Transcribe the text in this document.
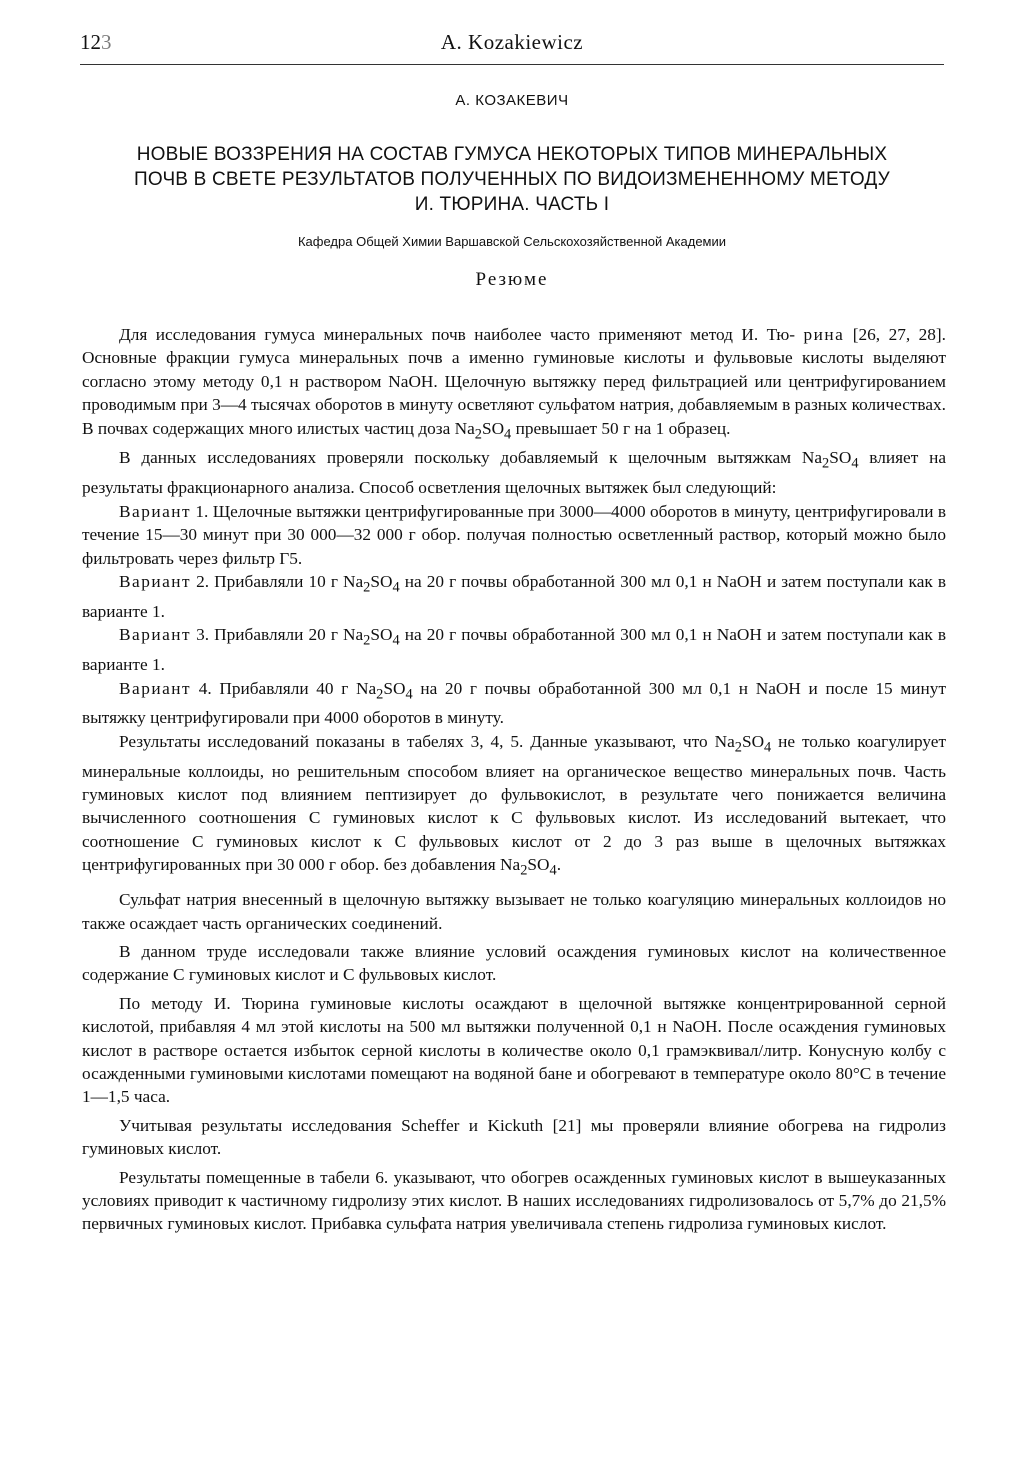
123	A. Kozakiewicz
А. КОЗАКЕВИЧ
НОВЫЕ ВОЗЗРЕНИЯ НА СОСТАВ ГУМУСА НЕКОТОРЫХ ТИПОВ МИНЕРАЛЬНЫХ
ПОЧВ В СВЕТЕ РЕЗУЛЬТАТОВ ПОЛУЧЕННЫХ ПО ВИДОИЗМЕНЕННОМУ МЕТОДУ
И. ТЮРИНА. ЧАСТЬ I
Кафедра Общей Химии Варшавской Сельскохозяйственной Академии
Резюме

Для исследования гумуса минеральных почв наиболее часто применяют метод И. Тю- рина [26, 27, 28]. Основные фракции гумуса минеральных почв а именно гуминовые кислоты и фульвовые кислоты выделяют согласно этому методу 0,1 н раствором NaOH. Щелочную вытяжку перед фильтрацией или центрифугированием проводимым при 3—4 тысячах оборотов в минуту осветляют сульфатом натрия, добавляемым в разных количествах. В почвах содержащих много илистых частиц доза $Na_2SO_4$ превышает 50 г на 1 образец.

В данных исследованиях проверяли поскольку добавляемый к щелочным вытяжкам $Na_2SO_4$ влияет на результаты фракционарного анализа. Способ осветления щелочных вытяжек был следующий:

Вариант 1. Щелочные вытяжки центрифугированные при 3000—4000 оборотов в минуту, центрифугировали в течение 15—30 минут при 30 000—32 000 г обор. получая полностью осветленный раствор, который можно было фильтровать через фильтр Г5.

Вариант 2. Прибавляли 10 г $Na_2SO_4$ на 20 г почвы обработанной 300 мл 0,1 н NaOH и затем поступали как в варианте 1.

Вариант 3. Прибавляли 20 г $Na_2SO_4$ на 20 г почвы обработанной 300 мл 0,1 н NaOH и затем поступали как в варианте 1.

Вариант 4. Прибавляли 40 г $Na_2SO_4$ на 20 г почвы обработанной 300 мл 0,1 н NaOH и после 15 минут вытяжку центрифугировали при 4000 оборотов в минуту.

Результаты исследований показаны в табелях 3, 4, 5. Данные указывают, что $Na_2SO_4$ не только коагулирует минеральные коллоиды, но решительным способом влияет на органическое вещество минеральных почв. Часть гуминовых кислот под влиянием пептизирует до фульвокислот, в результате чего понижается величина вычисленного соотношения С гуминовых кислот к С фульвовых кислот. Из исследований вытекает, что соотношение С гуминовых кислот к С фульвовых кислот от 2 до 3 раз выше в щелочных вытяжках центрифугированных при 30 000 г обор. без добавления $Na_2SO_4$.

Сульфат натрия внесенный в щелочную вытяжку вызывает не только коагуляцию минеральных коллоидов но также осаждает часть органических соединений.

В данном труде исследовали также влияние условий осаждения гуминовых кислот на количественное содержание С гуминовых кислот и С фульвовых кислот.

По методу И. Тюрина гуминовые кислоты осаждают в щелочной вытяжке концентрированной серной кислотой, прибавляя 4 мл этой кислоты на 500 мл вытяжки полученной 0,1 н NaOH. После осаждения гуминовых кислот в растворе остается избыток серной кислоты в количестве около 0,1 грамэквивал/литр. Конусную колбу с осажденными гуминовыми кислотами помещают на водяной бане и обогревают в температуре около 80°С в течение 1—1,5 часа.

Учитывая результаты исследования Scheffer и Kickuth [21] мы проверяли влияние обогрева на гидролиз гуминовых кислот.

Результаты помещенные в табели 6. указывают, что обогрев осажденных гуминовых кислот в вышеуказанных условиях приводит к частичному гидролизу этих кислот. В наших исследованиях гидролизовалось от 5,7% до 21,5% первичных гуминовых кислот. Прибавка сульфата натрия увеличивала степень гидролиза гуминовых кислот.
